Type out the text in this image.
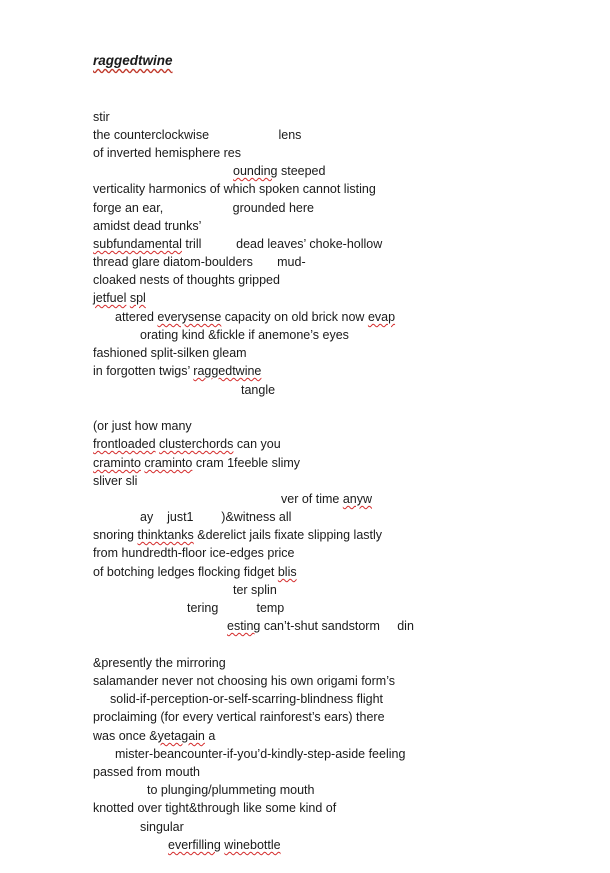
raggedtwine
stir
the counterclockwise                    lens
of inverted hemisphere res
ounding steeped
verticality harmonics of which spoken cannot listing
forge an ear,                    grounded here
amidst dead trunks’
subfundamental trill          dead leaves’ choke-hollow
thread glare diatom-boulders       mud-
cloaked nests of thoughts gripped
jetfuel spl
attered everysense capacity on old brick now evap
orating kind &fickle if anemone’s eyes
fashioned split-silken gleam
in forgotten twigs’ raggedtwine
tangle
(or just how many
frontloaded clusterchords can you
craminto craminto cram 1feeble slimy
sliver sli
ver of time anyw
ay    just1        )&witness all
snoring thinktanks &derelict jails fixate slipping lastly
from hundredth-floor ice-edges price
of botching ledges flocking fidget blis
ter splin
tering           temp
esting can’t-shut sandstorm     din
&presently the mirroring
salamander never not choosing his own origami form’s
solid-if-perception-or-self-scarring-blindness flight
proclaiming (for every vertical rainforest’s ears) there
was once &yetagain a
mister-beancounter-if-you’d-kindly-step-aside feeling
passed from mouth
to plunging/plummeting mouth
knotted over tight&through like some kind of
singular
everfilling winebottle
